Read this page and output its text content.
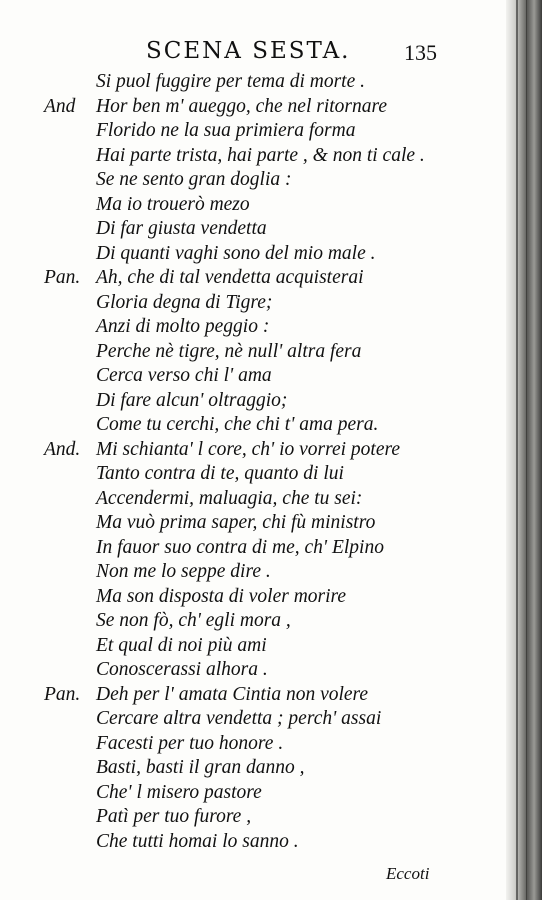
SCENA SESTA. 135
Si puol fuggire per tema di morte .
And Hor ben m' aueggo, che nel ritornare
Florido ne la sua primiera forma
Hai parte trista, hai parte , & non ti cale .
Se ne sento gran doglia :
Ma io trouerò mezo
Di far giusta vendetta
Di quanti vaghi sono del mio male .
Pan. Ah, che di tal vendetta acquisterai
Gloria degna di Tigre;
Anzi di molto peggio :
Perche nè tigre, nè null' altra fera
Cerca verso chi l' ama
Di fare alcun' oltraggio;
Come tu cerchi, che chi t' ama pera.
And. Mi schianta' l core, ch' io vorrei potere
Tanto contra di te, quanto di lui
Accendermi, maluagia, che tu sei:
Ma vuò prima saper, chi fù ministro
In fauor suo contra di me, ch' Elpino
Non me lo seppe dire .
Ma son disposta di voler morire
Se non fò, ch' egli mora ,
Et qual di noi più ami
Conoscerassi alhora .
Pan. Deh per l' amata Cintia non volere
Cercare altra vendetta ; perch' assai
Facesti per tuo honore .
Basti, basti il gran danno ,
Che' l misero pastore
Patì per tuo furore ,
Che tutti homai lo sanno .
Eccoti
